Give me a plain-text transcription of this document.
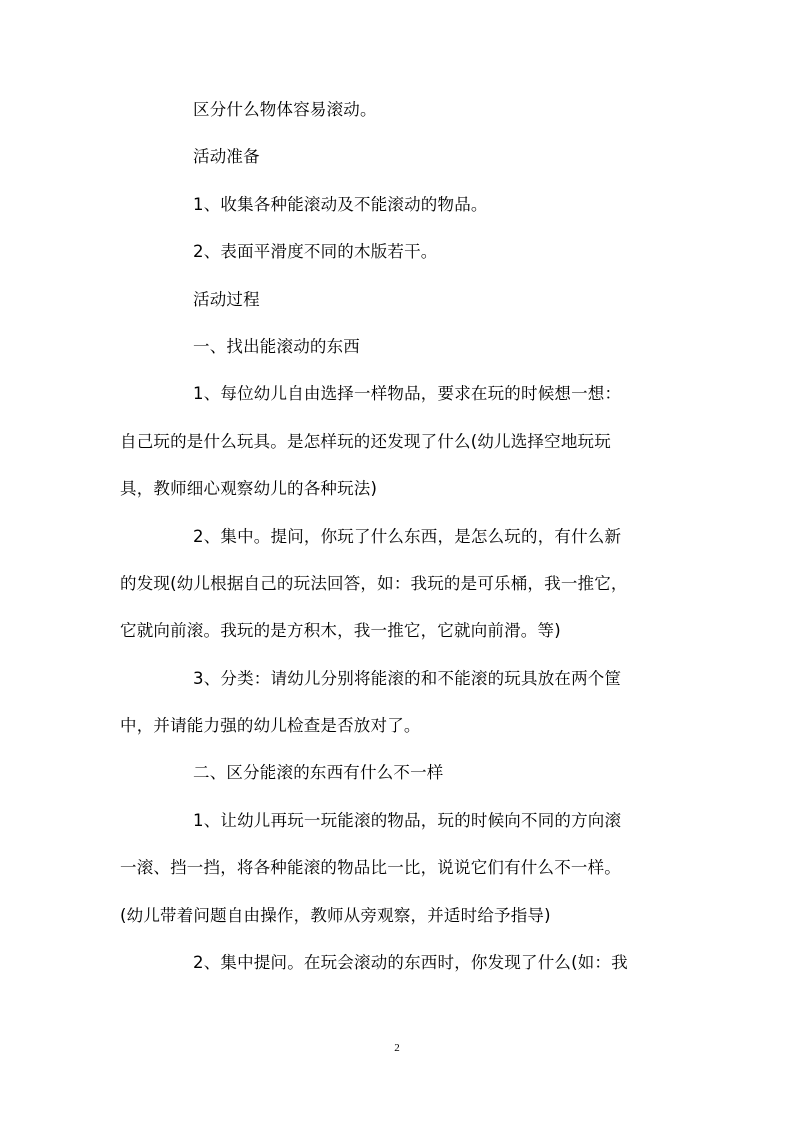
区分什么物体容易滚动。
活动准备
1、收集各种能滚动及不能滚动的物品。
2、表面平滑度不同的木版若干。
活动过程
一、找出能滚动的东西
1、每位幼儿自由选择一样物品，要求在玩的时候想一想：
自己玩的是什么玩具。是怎样玩的还发现了什么(幼儿选择空地玩玩
具，教师细心观察幼儿的各种玩法)
2、集中。提问，你玩了什么东西，是怎么玩的，有什么新
的发现(幼儿根据自己的玩法回答，如：我玩的是可乐桶，我一推它，
它就向前滚。我玩的是方积木，我一推它，它就向前滑。等)
3、分类：请幼儿分别将能滚的和不能滚的玩具放在两个筐
中，并请能力强的幼儿检查是否放对了。
二、区分能滚的东西有什么不一样
1、让幼儿再玩一玩能滚的物品，玩的时候向不同的方向滚
一滚、挡一挡，将各种能滚的物品比一比，说说它们有什么不一样。
(幼儿带着问题自由操作，教师从旁观察，并适时给予指导)
2、集中提问。在玩会滚动的东西时，你发现了什么(如：我
2
